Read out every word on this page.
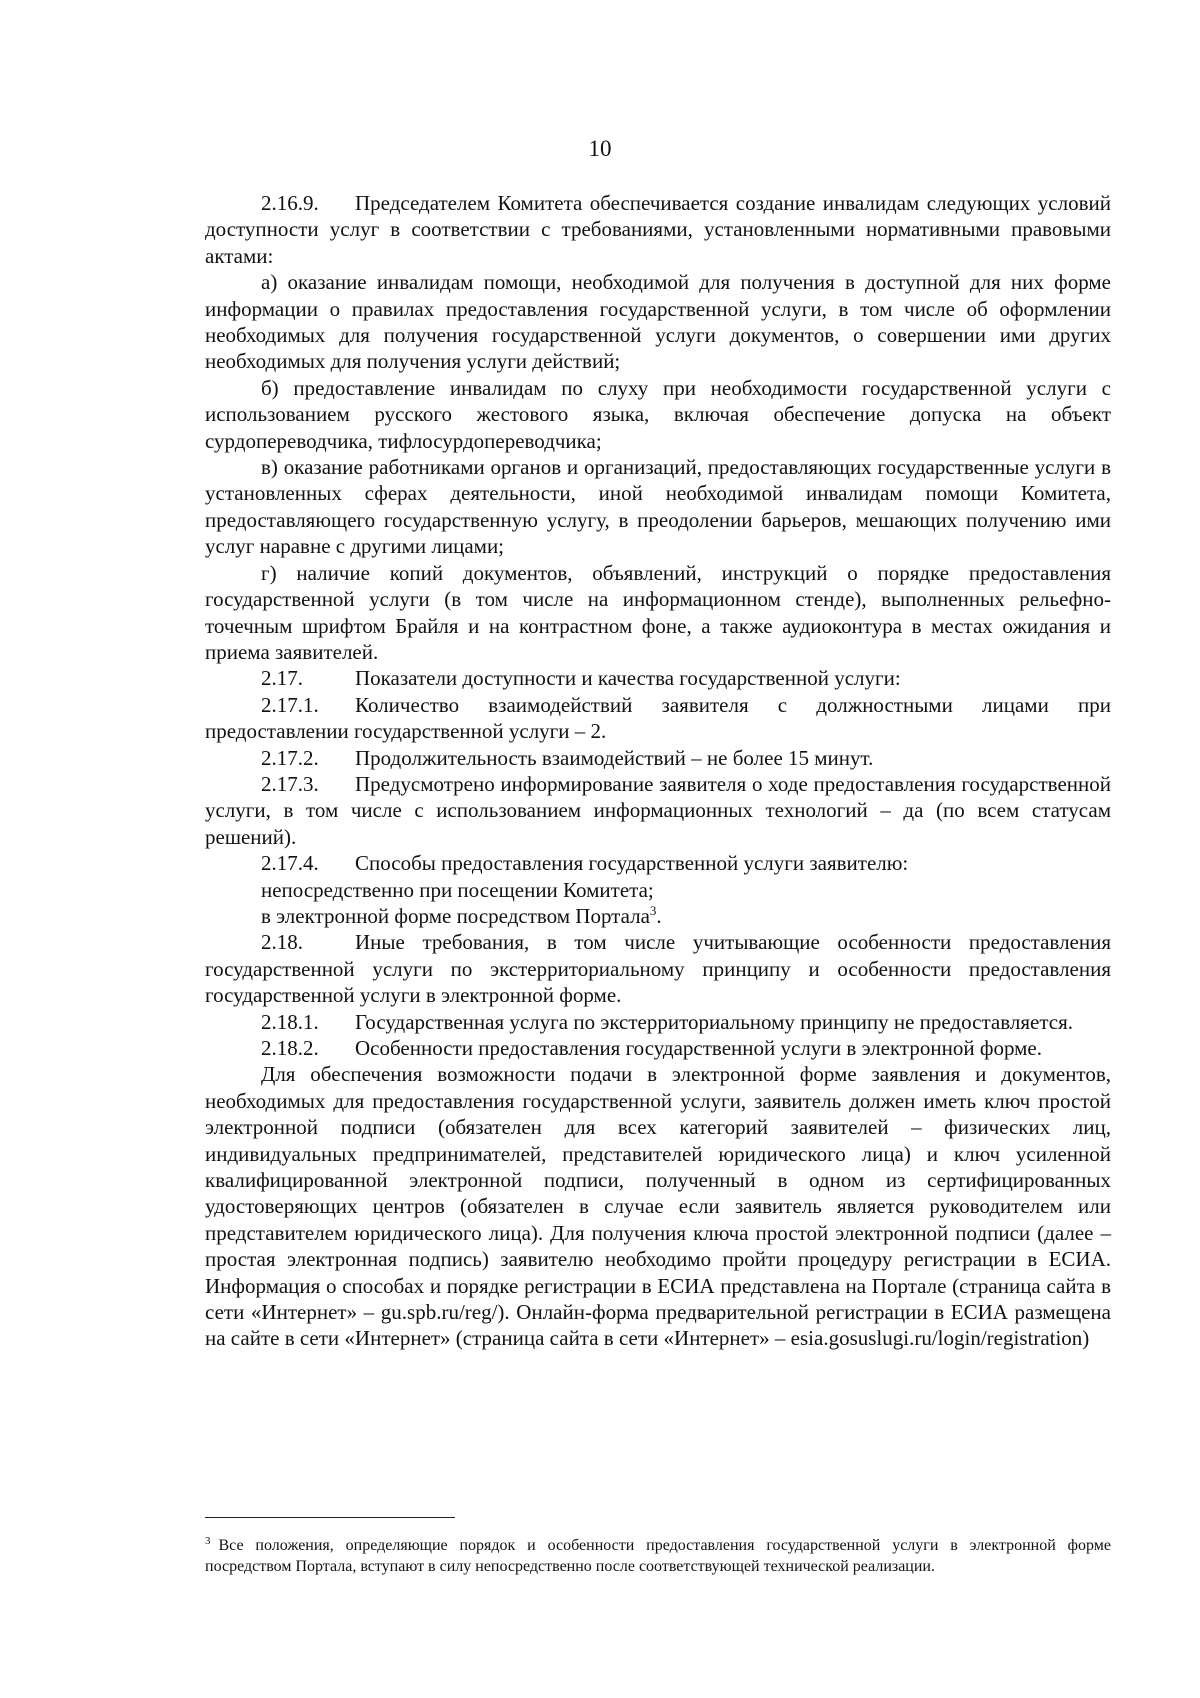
10

2.16.9. Председателем Комитета обеспечивается создание инвалидам следующих условий доступности услуг в соответствии с требованиями, установленными нормативными правовыми актами:

а) оказание инвалидам помощи, необходимой для получения в доступной для них форме информации о правилах предоставления государственной услуги, в том числе об оформлении необходимых для получения государственной услуги документов, о совершении ими других необходимых для получения услуги действий;

б) предоставление инвалидам по слуху при необходимости государственной услуги с использованием русского жестового языка, включая обеспечение допуска на объект сурдопереводчика, тифлосурдопереводчика;

в) оказание работниками органов и организаций, предоставляющих государственные услуги в установленных сферах деятельности, иной необходимой инвалидам помощи Комитета, предоставляющего государственную услугу, в преодолении барьеров, мешающих получению ими услуг наравне с другими лицами;

г) наличие копий документов, объявлений, инструкций о порядке предоставления государственной услуги (в том числе на информационном стенде), выполненных рельефно-точечным шрифтом Брайля и на контрастном фоне, а также аудиоконтура в местах ожидания и приема заявителей.

2.17. Показатели доступности и качества государственной услуги:

2.17.1. Количество взаимодействий заявителя с должностными лицами при предоставлении государственной услуги – 2.

2.17.2. Продолжительность взаимодействий – не более 15 минут.

2.17.3. Предусмотрено информирование заявителя о ходе предоставления государственной услуги, в том числе с использованием информационных технологий – да (по всем статусам решений).

2.17.4. Способы предоставления государственной услуги заявителю:

непосредственно при посещении Комитета;

в электронной форме посредством Портала$^3$.

2.18. Иные требования, в том числе учитывающие особенности предоставления государственной услуги по экстерриториальному принципу и особенности предоставления государственной услуги в электронной форме.

2.18.1. Государственная услуга по экстерриториальному принципу не предоставляется.

2.18.2. Особенности предоставления государственной услуги в электронной форме.

Для обеспечения возможности подачи в электронной форме заявления и документов, необходимых для предоставления государственной услуги, заявитель должен иметь ключ простой электронной подписи (обязателен для всех категорий заявителей – физических лиц, индивидуальных предпринимателей, представителей юридического лица) и ключ усиленной квалифицированной электронной подписи, полученный в одном из сертифицированных удостоверяющих центров (обязателен в случае если заявитель является руководителем или представителем юридического лица). Для получения ключа простой электронной подписи (далее – простая электронная подпись) заявителю необходимо пройти процедуру регистрации в ЕСИА. Информация о способах и порядке регистрации в ЕСИА представлена на Портале (страница сайта в сети «Интернет» – gu.spb.ru/reg/). Онлайн-форма предварительной регистрации в ЕСИА размещена на сайте в сети «Интернет» (страница сайта в сети «Интернет» – esia.gosuslugi.ru/login/registration)

$^3$ Все положения, определяющие порядок и особенности предоставления государственной услуги в электронной форме посредством Портала, вступают в силу непосредственно после соответствующей технической реализации.
